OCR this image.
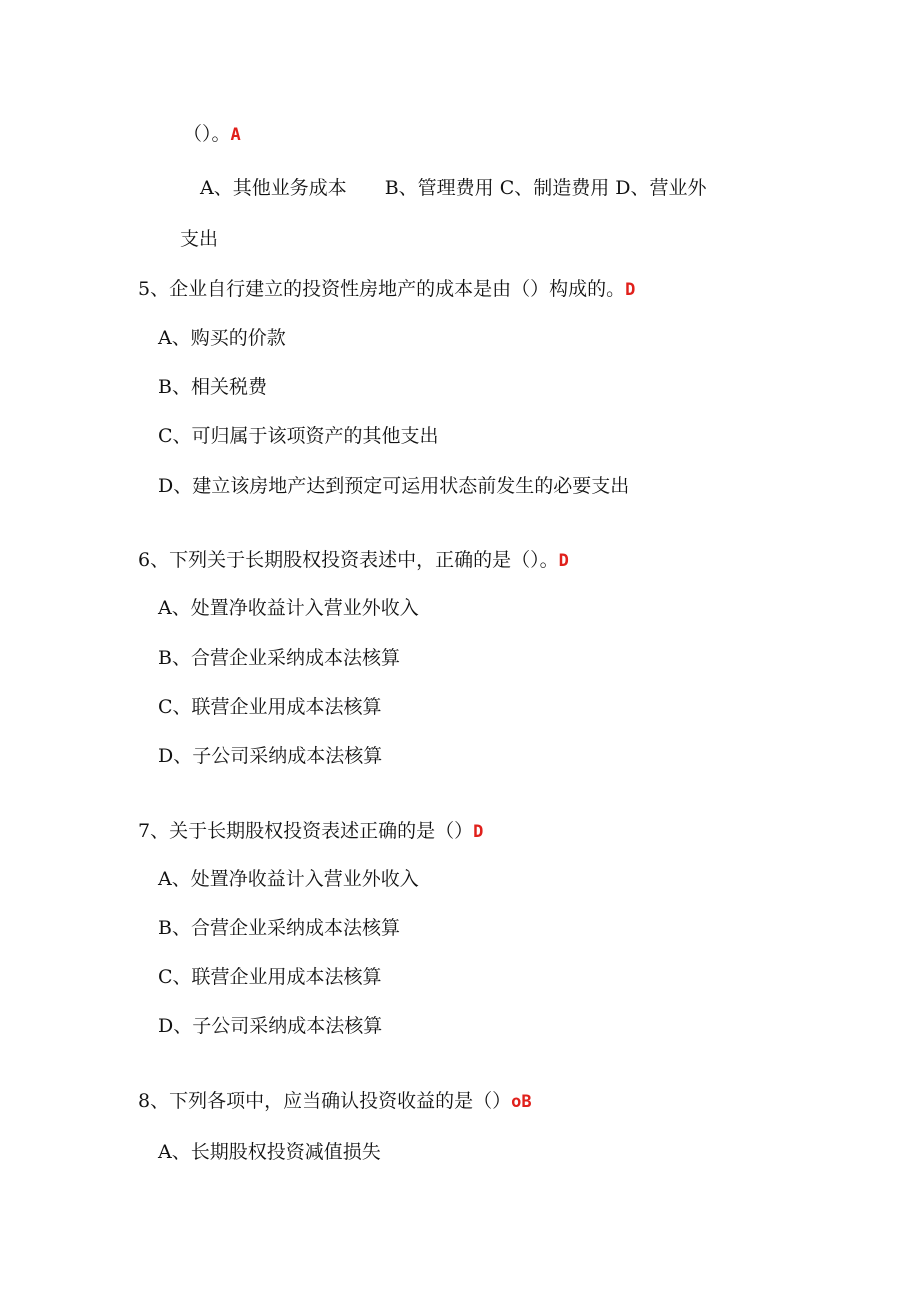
（）。A
A、其他业务成本　　B、管理费用 C、制造费用 D、营业外
支出
5、企业自行建立的投资性房地产的成本是由（）构成的。D
A、购买的价款
B、相关税费
C、可归属于该项资产的其他支出
D、建立该房地产达到预定可运用状态前发生的必要支出
6、下列关于长期股权投资表述中，正确的是（）。D
A、处置净收益计入营业外收入
B、合营企业采纳成本法核算
C、联营企业用成本法核算
D、子公司采纳成本法核算
7、关于长期股权投资表述正确的是（）D
A、处置净收益计入营业外收入
B、合营企业采纳成本法核算
C、联营企业用成本法核算
D、子公司采纳成本法核算
8、下列各项中，应当确认投资收益的是（）oB
A、长期股权投资减值损失
